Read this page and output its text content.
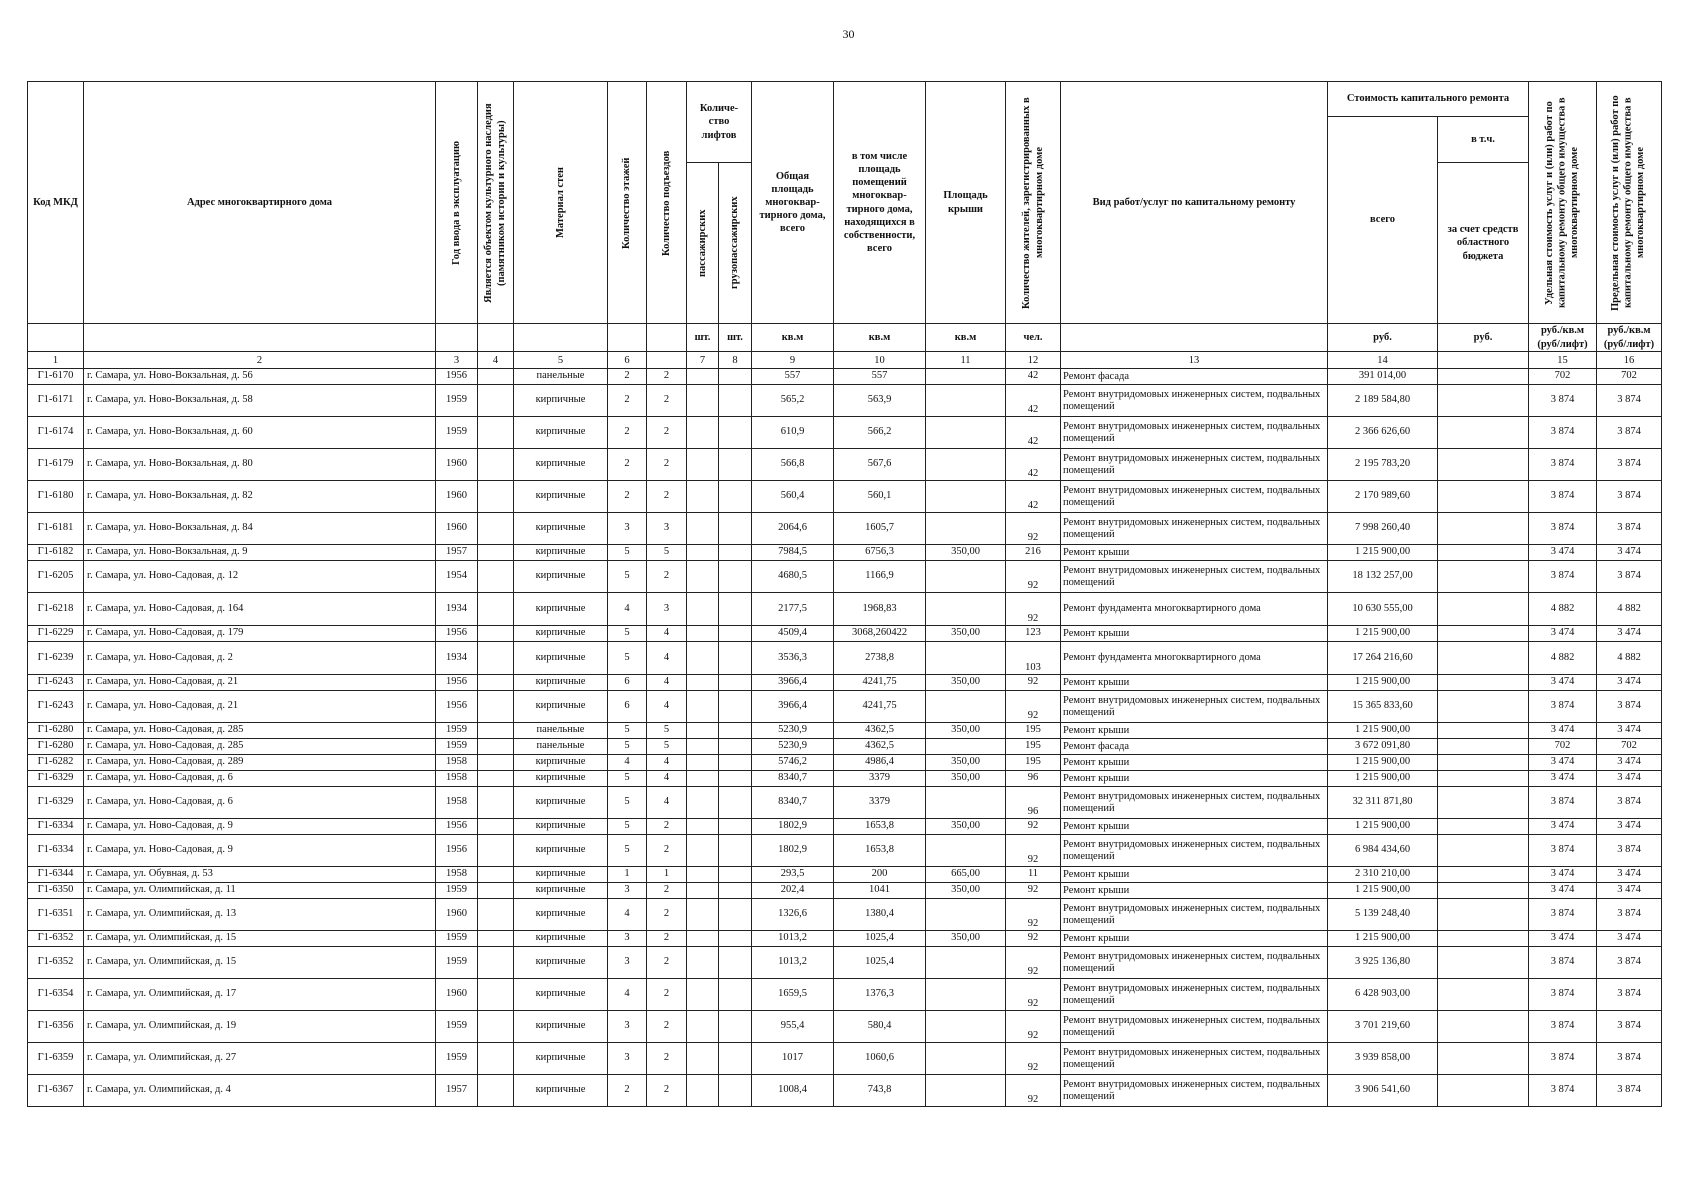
30
Код МКД	Адрес многоквартирного дома	Год ввода в эксплуатацию	Является объектом культурного наследия (памятником истории и культуры)	Материал стен	Количество этажей	Количество подъездов	Количе-ство лифтов		Общая площадь многоквар-тирного дома, всего	в том числе площадь помещений многоквар-тирного дома, находящихся в собственности, всего	Площадь крыши	Количество жителей, зарегистрированных в многоквартирном доме	Вид работ/услуг по капитальному ремонту	Стоимость капитального ремонта		Удельная стоимость услуг и (или) работ по капитальному ремонту общего имущества в многоквартирном доме	Предельная стоимость услуг и (или) работ по капитальному ремонту общего имущества в многоквартирном доме

														всего	в т.ч.		

							пассажирских	грузопассажирских							за счет средств областного бюджета		
							шт.	шт.	кв.м	кв.м	кв.м	чел.		руб.	руб.	руб./кв.м (руб/лифт)	руб./кв.м (руб/лифт)
1	2	3	4	5	6		7	8	9	10	11	12	13	14		15	16
Г1-6170	г. Самара, ул. Ново-Вокзальная, д. 56	1956		панельные	2	2			557	557		42	Ремонт фасада	391 014,00		702	702
Г1-6171	г. Самара, ул. Ново-Вокзальная, д. 58	1959		кирпичные	2	2			565,2	563,9		42	Ремонт внутридомовых инженерных систем, подвальных помещений	2 189 584,80		3 874	3 874
Г1-6174	г. Самара, ул. Ново-Вокзальная, д. 60	1959		кирпичные	2	2			610,9	566,2		42	Ремонт внутридомовых инженерных систем, подвальных помещений	2 366 626,60		3 874	3 874
Г1-6179	г. Самара, ул. Ново-Вокзальная, д. 80	1960		кирпичные	2	2			566,8	567,6		42	Ремонт внутридомовых инженерных систем, подвальных помещений	2 195 783,20		3 874	3 874
Г1-6180	г. Самара, ул. Ново-Вокзальная, д. 82	1960		кирпичные	2	2			560,4	560,1		42	Ремонт внутридомовых инженерных систем, подвальных помещений	2 170 989,60		3 874	3 874
Г1-6181	г. Самара, ул. Ново-Вокзальная, д. 84	1960		кирпичные	3	3			2064,6	1605,7		92	Ремонт внутридомовых инженерных систем, подвальных помещений	7 998 260,40		3 874	3 874
Г1-6182	г. Самара, ул. Ново-Вокзальная, д. 9	1957		кирпичные	5	5			7984,5	6756,3	350,00	216	Ремонт крыши	1 215 900,00		3 474	3 474
Г1-6205	г. Самара, ул. Ново-Садовая, д. 12	1954		кирпичные	5	2			4680,5	1166,9		92	Ремонт внутридомовых инженерных систем, подвальных помещений	18 132 257,00		3 874	3 874
Г1-6218	г. Самара, ул. Ново-Садовая, д. 164	1934		кирпичные	4	3			2177,5	1968,83		92	Ремонт фундамента многоквартирного дома	10 630 555,00		4 882	4 882
Г1-6229	г. Самара, ул. Ново-Садовая, д. 179	1956		кирпичные	5	4			4509,4	3068,260422	350,00	123	Ремонт крыши	1 215 900,00		3 474	3 474
Г1-6239	г. Самара, ул. Ново-Садовая, д. 2	1934		кирпичные	5	4			3536,3	2738,8		103	Ремонт фундамента многоквартирного дома	17 264 216,60		4 882	4 882
Г1-6243	г. Самара, ул. Ново-Садовая, д. 21	1956		кирпичные	6	4			3966,4	4241,75	350,00	92	Ремонт крыши	1 215 900,00		3 474	3 474
Г1-6243	г. Самара, ул. Ново-Садовая, д. 21	1956		кирпичные	6	4			3966,4	4241,75		92	Ремонт внутридомовых инженерных систем, подвальных помещений	15 365 833,60		3 874	3 874
Г1-6280	г. Самара, ул. Ново-Садовая, д. 285	1959		панельные	5	5			5230,9	4362,5	350,00	195	Ремонт крыши	1 215 900,00		3 474	3 474
Г1-6280	г. Самара, ул. Ново-Садовая, д. 285	1959		панельные	5	5			5230,9	4362,5		195	Ремонт фасада	3 672 091,80		702	702
Г1-6282	г. Самара, ул. Ново-Садовая, д. 289	1958		кирпичные	4	4			5746,2	4986,4	350,00	195	Ремонт крыши	1 215 900,00		3 474	3 474
Г1-6329	г. Самара, ул. Ново-Садовая, д. 6	1958		кирпичные	5	4			8340,7	3379	350,00	96	Ремонт крыши	1 215 900,00		3 474	3 474
Г1-6329	г. Самара, ул. Ново-Садовая, д. 6	1958		кирпичные	5	4			8340,7	3379		96	Ремонт внутридомовых инженерных систем, подвальных помещений	32 311 871,80		3 874	3 874
Г1-6334	г. Самара, ул. Ново-Садовая, д. 9	1956		кирпичные	5	2			1802,9	1653,8	350,00	92	Ремонт крыши	1 215 900,00		3 474	3 474
Г1-6334	г. Самара, ул. Ново-Садовая, д. 9	1956		кирпичные	5	2			1802,9	1653,8		92	Ремонт внутридомовых инженерных систем, подвальных помещений	6 984 434,60		3 874	3 874
Г1-6344	г. Самара, ул. Обувная, д. 53	1958		кирпичные	1	1			293,5	200	665,00	11	Ремонт крыши	2 310 210,00		3 474	3 474
Г1-6350	г. Самара, ул. Олимпийская, д. 11	1959		кирпичные	3	2			202,4	1041	350,00	92	Ремонт крыши	1 215 900,00		3 474	3 474
Г1-6351	г. Самара, ул. Олимпийская, д. 13	1960		кирпичные	4	2			1326,6	1380,4		92	Ремонт внутридомовых инженерных систем, подвальных помещений	5 139 248,40		3 874	3 874
Г1-6352	г. Самара, ул. Олимпийская, д. 15	1959		кирпичные	3	2			1013,2	1025,4	350,00	92	Ремонт крыши	1 215 900,00		3 474	3 474
Г1-6352	г. Самара, ул. Олимпийская, д. 15	1959		кирпичные	3	2			1013,2	1025,4		92	Ремонт внутридомовых инженерных систем, подвальных помещений	3 925 136,80		3 874	3 874
Г1-6354	г. Самара, ул. Олимпийская, д. 17	1960		кирпичные	4	2			1659,5	1376,3		92	Ремонт внутридомовых инженерных систем, подвальных помещений	6 428 903,00		3 874	3 874
Г1-6356	г. Самара, ул. Олимпийская, д. 19	1959		кирпичные	3	2			955,4	580,4		92	Ремонт внутридомовых инженерных систем, подвальных помещений	3 701 219,60		3 874	3 874
Г1-6359	г. Самара, ул. Олимпийская, д. 27	1959		кирпичные	3	2			1017	1060,6		92	Ремонт внутридомовых инженерных систем, подвальных помещений	3 939 858,00		3 874	3 874
Г1-6367	г. Самара, ул. Олимпийская, д. 4	1957		кирпичные	2	2			1008,4	743,8		92	Ремонт внутридомовых инженерных систем, подвальных помещений	3 906 541,60		3 874	3 874
